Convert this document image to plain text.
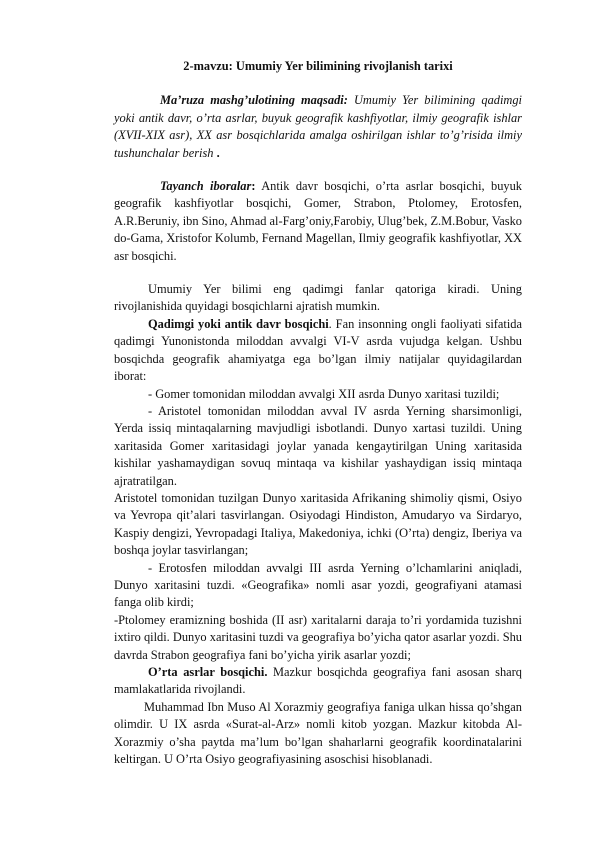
2-mavzu: Umumiy Yer bilimining rivojlanish tarixi

Ma’ruza mashg’ulotining maqsadi: Umumiy Yer bilimining qadimgi yoki antik davr, o’rta asrlar, buyuk geografik kashfiyotlar, ilmiy geografik ishlar (XVII-XIX asr), XX asr bosqichlarida amalga oshirilgan ishlar to’g’risida ilmiy tushunchalar berish .

Tayanch iboralar: Antik davr bosqichi, o’rta asrlar bosqichi, buyuk geografik kashfiyotlar bosqichi, Gomer, Strabon, Ptolomey, Erotosfen, A.R.Beruniy, ibn Sino, Ahmad al-Farg’oniy,Farobiy, Ulug’bek, Z.M.Bobur, Vasko do-Gama, Xristofor Kolumb, Fernand Magellan, Ilmiy geografik kashfiyotlar, XX asr bosqichi.

Umumiy Yer bilimi eng qadimgi fanlar qatoriga kiradi. Uning rivojlanishida quyidagi bosqichlarni ajratish mumkin.

Qadimgi yoki antik davr bosqichi. Fan insonning ongli faoliyati sifatida qadimgi Yunonistonda miloddan avvalgi VI-V asrda vujudga kelgan. Ushbu bosqichda geografik ahamiyatga ega bo’lgan ilmiy natijalar quyidagilardan iborat:

- Gomer tomonidan miloddan avvalgi XII asrda Dunyo xaritasi tuzildi;

- Aristotel tomonidan miloddan avval IV asrda Yerning sharsimonligi, Yerda issiq mintaqalarning mavjudligi isbotlandi. Dunyo xartasi tuzildi. Uning xaritasida Gomer xaritasidagi joylar yanada kengaytirilgan Uning xaritasida kishilar yashamaydigan sovuq mintaqa va kishilar yashaydigan issiq mintaqa ajratratilgan.

Aristotel tomonidan tuzilgan Dunyo xaritasida Afrikaning shimoliy qismi, Osiyo va Yevropa qit’alari tasvirlangan. Osiyodagi Hindiston, Amudaryo va Sirdaryo, Kaspiy dengizi, Yevropadagi Italiya, Makedoniya, ichki (O’rta) dengiz, Iberiya va boshqa joylar tasvirlangan;

- Erotosfen miloddan avvalgi III asrda Yerning o’lchamlarini aniqladi, Dunyo xaritasini tuzdi. «Geografika» nomli asar yozdi, geografiyani atamasi fanga olib kirdi;

-Ptolomey eramizning boshida (II asr) xaritalarni daraja to’ri yordamida tuzishni ixtiro qildi. Dunyo xaritasini tuzdi va geografiya bo’yicha qator asarlar yozdi. Shu davrda Strabon geografiya fani bo’yicha yirik asarlar yozdi;

O’rta asrlar bosqichi. Mazkur bosqichda geografiya fani asosan sharq mamlakatlarida rivojlandi.

Muhammad Ibn Muso Al Xorazmiy geografiya faniga ulkan hissa qo’shgan olimdir. U IX asrda «Surat-al-Arz» nomli kitob yozgan. Mazkur kitobda Al-Xorazmiy o’sha paytda ma’lum bo’lgan shaharlarni geografik koordinatalarini keltirgan. U O’rta Osiyo geografiyasining asoschisi hisoblanadi.
